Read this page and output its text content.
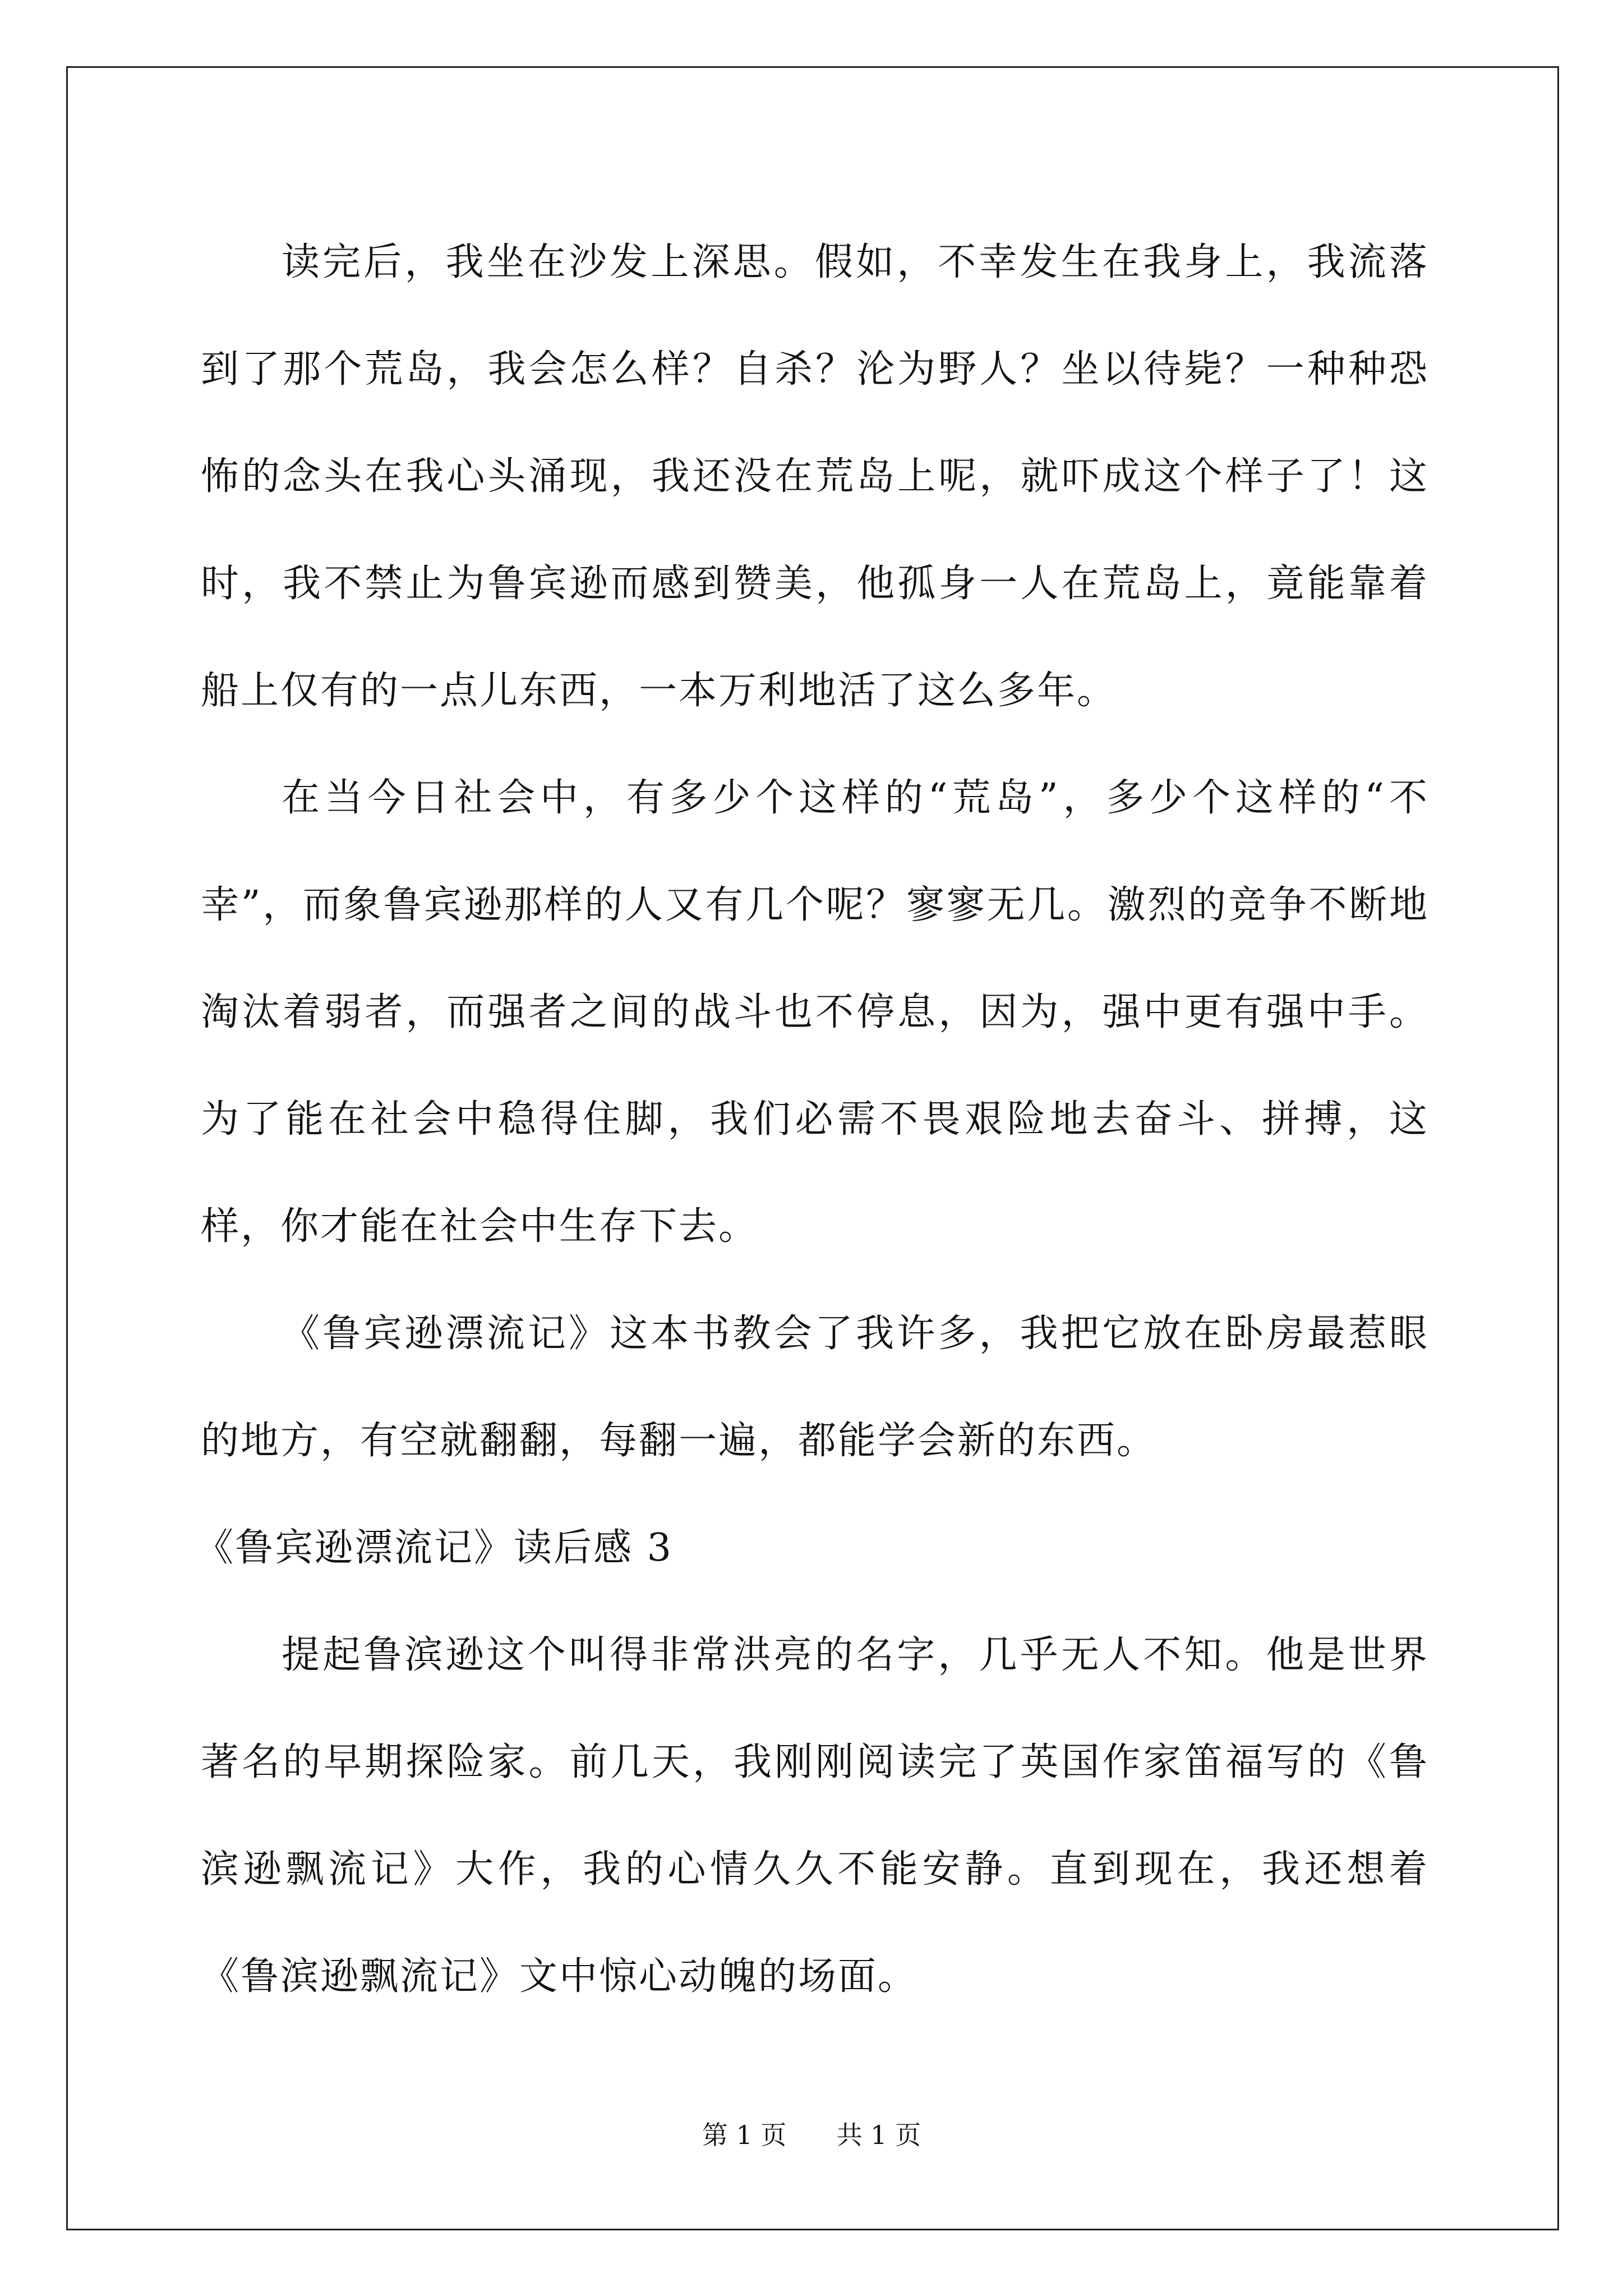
读完后，我坐在沙发上深思。假如，不幸发生在我身上，我流落到了那个荒岛，我会怎么样？自杀？沦为野人？坐以待毙？一种种恐怖的念头在我心头涌现，我还没在荒岛上呢，就吓成这个样子了！这时，我不禁止为鲁宾逊而感到赞美，他孤身一人在荒岛上，竟能靠着船上仅有的一点儿东西，一本万利地活了这么多年。

在当今日社会中，有多少个这样的“荒岛”，多少个这样的“不幸”，而象鲁宾逊那样的人又有几个呢？寥寥无几。激烈的竞争不断地淘汰着弱者，而强者之间的战斗也不停息，因为，强中更有强中手。为了能在社会中稳得住脚，我们必需不畏艰险地去奋斗、拼搏，这样，你才能在社会中生存下去。

《鲁宾逊漂流记》这本书教会了我许多，我把它放在卧房最惹眼的地方，有空就翻翻，每翻一遍，都能学会新的东西。

《鲁宾逊漂流记》读后感 3

提起鲁滨逊这个叫得非常洪亮的名字，几乎无人不知。他是世界著名的早期探险家。前几天，我刚刚阅读完了英国作家笛福写的《鲁滨逊飘流记》大作，我的心情久久不能安静。直到现在，我还想着《鲁滨逊飘流记》文中惊心动魄的场面。

第 1 页 共 1 页
